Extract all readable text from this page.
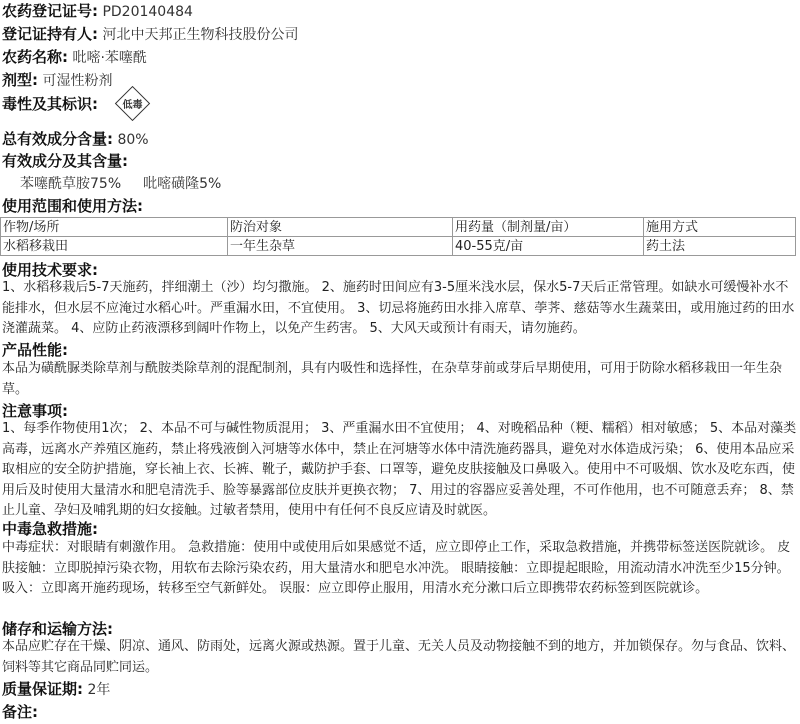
农药登记证号: PD20140484
登记证持有人: 河北中天邦正生物科技股份公司
农药名称: 吡嘧·苯噻酰
剂型: 可湿性粉剂
毒性及其标识:	低毒
总有效成分含量: 80%
有效成分及其含量:
苯噻酰草胺75% 吡嘧磺隆5%
使用范围和使用方法:
作物/场所	防治对象	用药量（制剂量/亩）	施用方式
水稻移栽田	一年生杂草	40-55克/亩	药土法
使用技术要求:

1、水稻移栽后5-7天施药，拌细潮土（沙）均匀撒施。 2、施药时田间应有3-5厘米浅水层，保水5-7天后正常管理。如缺水可缓慢补水不能排水，但水层不应淹过水稻心叶。严重漏水田，不宜使用。 3、切忌将施药田水排入席草、荸荠、慈菇等水生蔬菜田，或用施过药的田水浇灌蔬菜。 4、应防止药液漂移到阔叶作物上，以免产生药害。 5、大风天或预计有雨天，请勿施药。

产品性能:

本品为磺酰脲类除草剂与酰胺类除草剂的混配制剂，具有内吸性和选择性，在杂草芽前或芽后早期使用，可用于防除水稻移栽田一年生杂草。

注意事项:

1、每季作物使用1次； 2、本品不可与碱性物质混用； 3、严重漏水田不宜使用； 4、对晚稻品种（粳、糯稻）相对敏感； 5、本品对藻类高毒，远离水产养殖区施药，禁止将残液倒入河塘等水体中，禁止在河塘等水体中清洗施药器具，避免对水体造成污染； 6、使用本品应采取相应的安全防护措施，穿长袖上衣、长裤、靴子，戴防护手套、口罩等，避免皮肤接触及口鼻吸入。使用中不可吸烟、饮水及吃东西，使用后及时使用大量清水和肥皂清洗手、脸等暴露部位皮肤并更换衣物； 7、用过的容器应妥善处理，不可作他用，也不可随意丢弃； 8、禁止儿童、孕妇及哺乳期的妇女接触。过敏者禁用，使用中有任何不良反应请及时就医。

中毒急救措施:

中毒症状：对眼睛有刺激作用。 急救措施：使用中或使用后如果感觉不适，应立即停止工作，采取急救措施，并携带标签送医院就诊。 皮肤接触：立即脱掉污染衣物，用软布去除污染农药，用大量清水和肥皂水冲洗。 眼睛接触：立即提起眼睑，用流动清水冲洗至少15分钟。 吸入：立即离开施药现场，转移至空气新鲜处。 误服：应立即停止服用，用清水充分漱口后立即携带农药标签到医院就诊。

储存和运输方法:

本品应贮存在干燥、阴凉、通风、防雨处，远离火源或热源。置于儿童、无关人员及动物接触不到的地方，并加锁保存。勿与食品、饮料、饲料等其它商品同贮同运。

质量保证期: 2年
备注:
